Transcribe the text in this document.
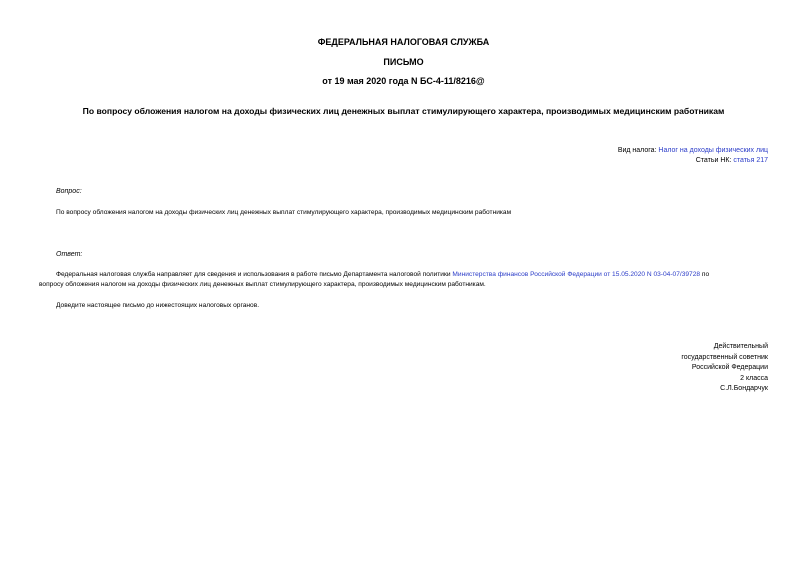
ФЕДЕРАЛЬНАЯ НАЛОГОВАЯ СЛУЖБА
ПИСЬМО
от 19 мая 2020 года N БС-4-11/8216@
По вопросу обложения налогом на доходы физических лиц денежных выплат стимулирующего характера, производимых медицинским работникам
Вид налога: Налог на доходы физических лиц
Статьи НК: статья 217
Вопрос:
По вопросу обложения налогом на доходы физических лиц денежных выплат стимулирующего характера, производимых медицинским работникам
Ответ:
Федеральная налоговая служба направляет для сведения и использования в работе письмо Департамента налоговой политики Министерства финансов Российской Федерации от 15.05.2020 N 03-04-07/39728 по
вопросу обложения налогом на доходы физических лиц денежных выплат стимулирующего характера, производимых медицинским работникам.
Доведите настоящее письмо до нижестоящих налоговых органов.
Действительный
государственный советник
Российской Федерации
2 класса
С.Л.Бондарчук
